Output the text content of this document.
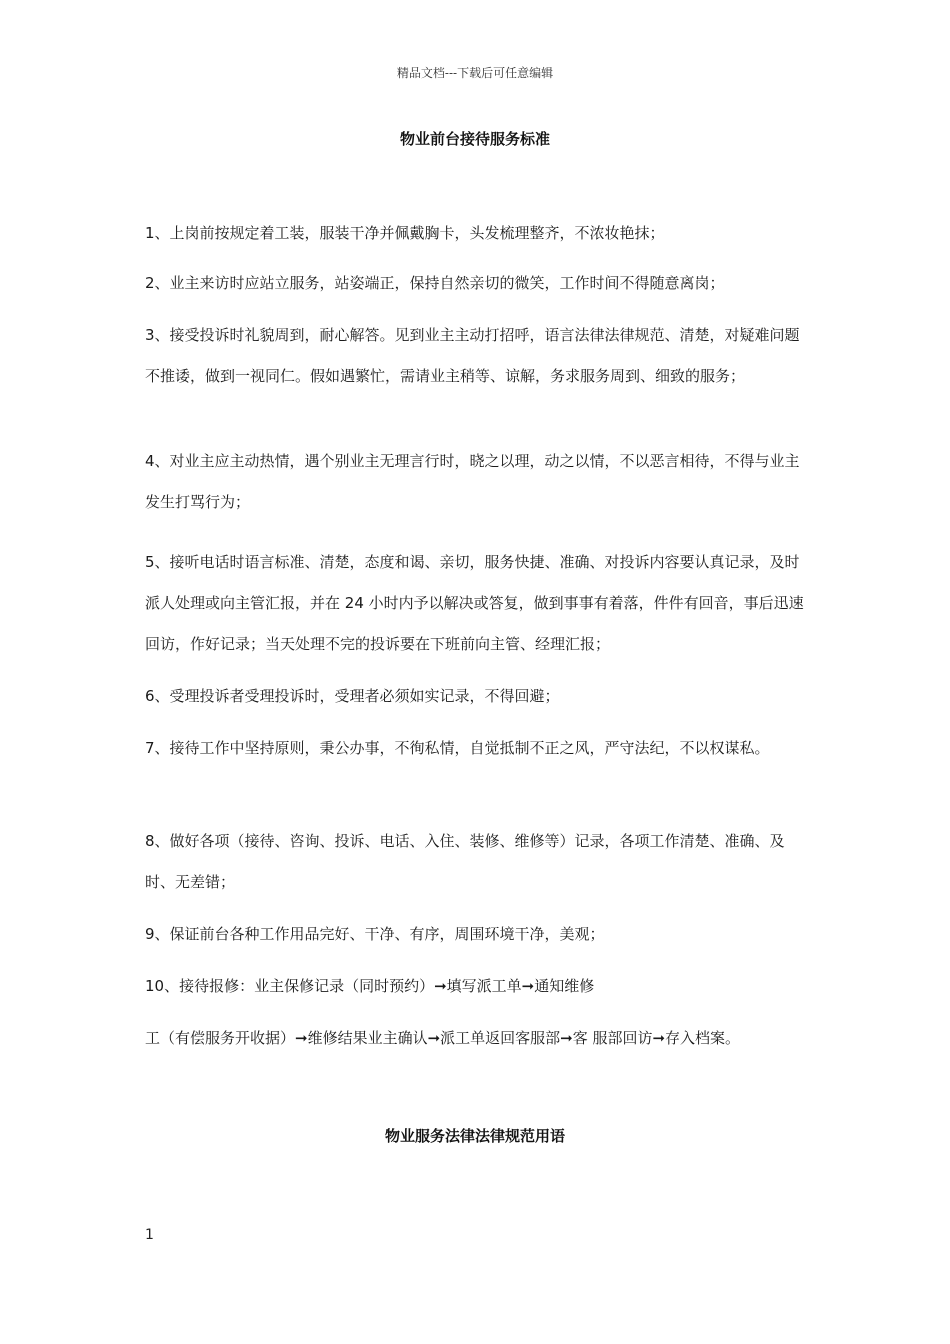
精品文档---下载后可任意编辑
物业前台接待服务标准
1、上岗前按规定着工装，服装干净并佩戴胸卡，头发梳理整齐，不浓妆艳抹；
2、业主来访时应站立服务，站姿端正，保持自然亲切的微笑，工作时间不得随意离岗；
3、接受投诉时礼貌周到，耐心解答。见到业主主动打招呼，语言法律法律规范、清楚，对疑难问题不推诿，做到一视同仁。假如遇繁忙，需请业主稍等、谅解，务求服务周到、细致的服务；
4、对业主应主动热情，遇个别业主无理言行时，晓之以理，动之以情，不以恶言相待，不得与业主发生打骂行为；
5、接听电话时语言标准、清楚，态度和谒、亲切，服务快捷、准确、对投诉内容要认真记录，及时派人处理或向主管汇报，并在 24 小时内予以解决或答复，做到事事有着落，件件有回音，事后迅速回访，作好记录；当天处理不完的投诉要在下班前向主管、经理汇报；
6、受理投诉者受理投诉时，受理者必须如实记录，不得回避；
7、接待工作中坚持原则，秉公办事，不徇私情，自觉抵制不正之风，严守法纪，不以权谋私。
8、做好各项（接待、咨询、投诉、电话、入住、装修、维修等）记录，各项工作清楚、准确、及时、无差错；
9、保证前台各种工作用品完好、干净、有序，周围环境干净，美观；
10、接待报修：业主保修记录（同时预约）➞填写派工单➞通知维修
工（有偿服务开收据）➞维修结果业主确认➞派工单返回客服部➞客 服部回访➞存入档案。
物业服务法律法律规范用语
1
